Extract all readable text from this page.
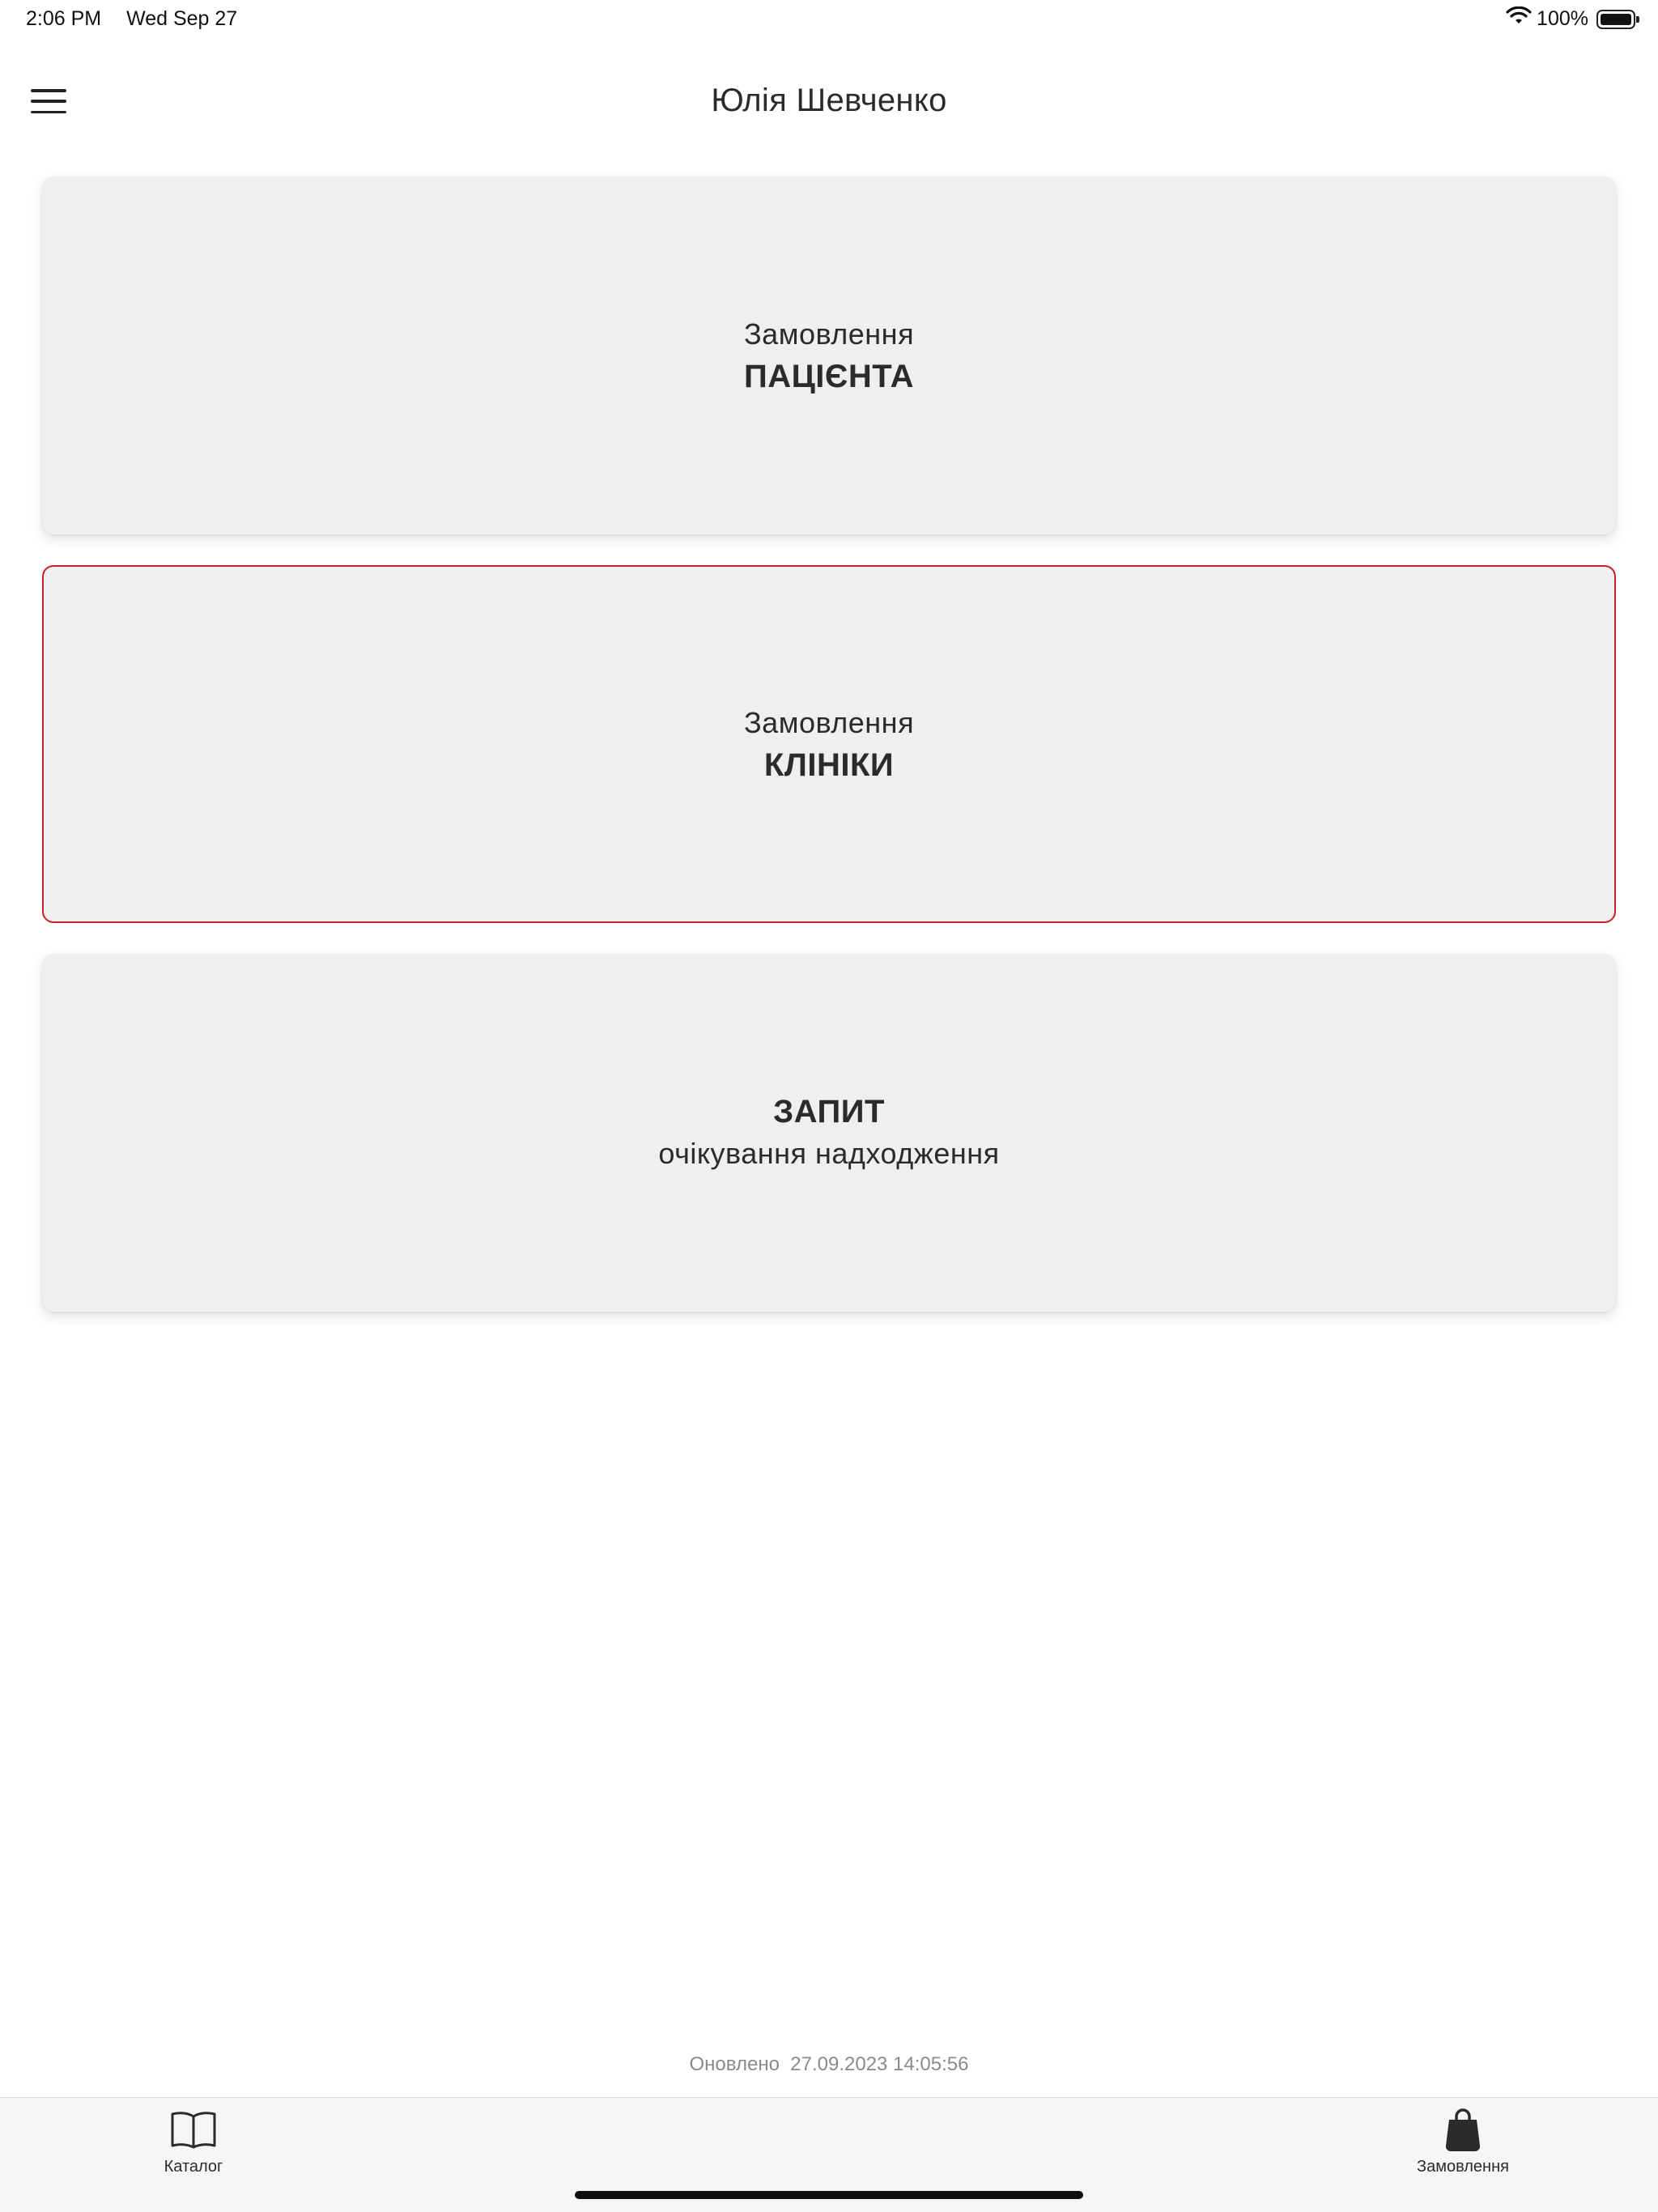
2:06 PM Wed Sep 27	100%
Юлія Шевченко
Замовлення
ПАЦІЄНТА
Замовлення
КЛІНІКИ
ЗАПИТ
очікування надходження
Оновлено 27.09.2023 14:05:56
Каталог	Замовлення
